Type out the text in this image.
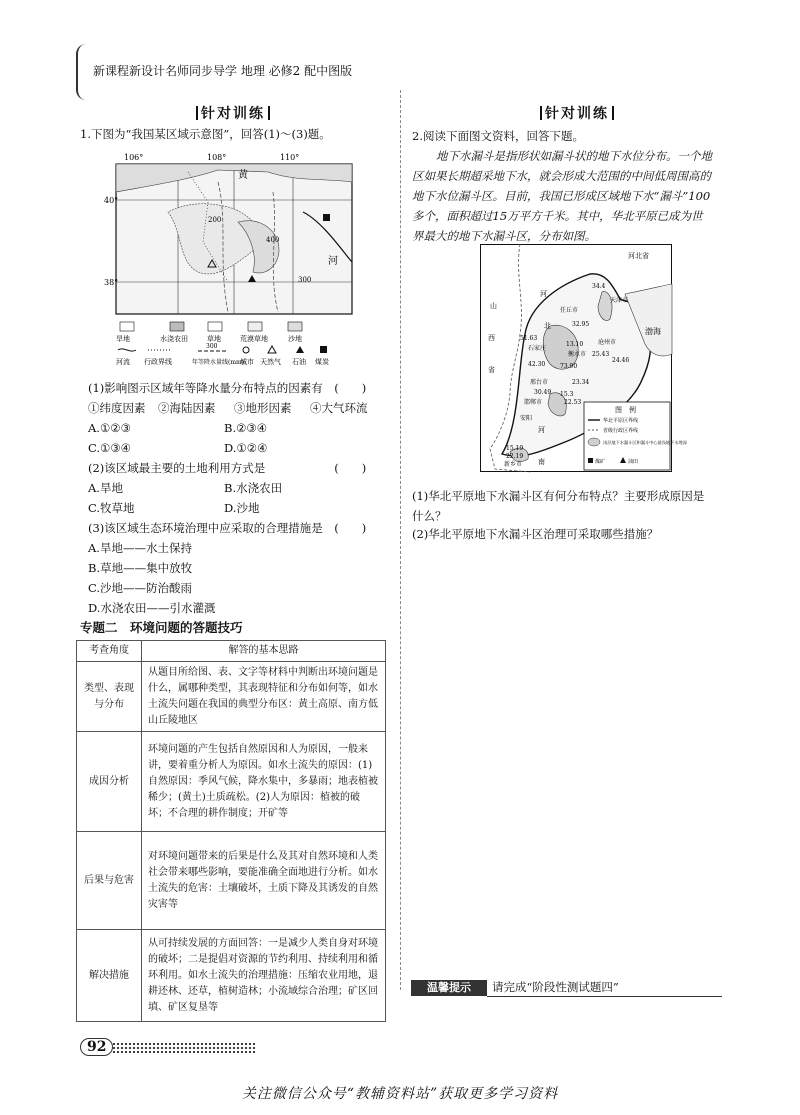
新课程新设计名师同步导学 地理 必修2 配中图版
针对训练
1.下图为“我国某区域示意图”，回答(1)～(3)题。
106°	108°	110°
40°
38°
黄
河
200
400
300
旱地	水浇农田	草地	荒漠草地	沙地
300
河流 行政界线	年等降水量线(mm)
城市 天然气 石油 煤炭
(1)影响图示区域年等降水量分布特点的因素有　(　　)
①纬度因素 ②海陆因素 ③地形因素 ④大气环流
A.①②③	B.②③④
C.①③④	D.①②④
(2)该区域最主要的土地利用方式是　　　　　　(　　)
A.旱地	B.水浇农田
C.牧草地	D.沙地
(3)该区域生态环境治理中应采取的合理措施是　(　　)
A.旱地——水土保持
B.草地——集中放牧
C.沙地——防治酸雨
D.水浇农田——引水灌溉
专题二　环境问题的答题技巧
考查角度	解答的基本思路
类型、表现与分布	从题目所给图、表、文字等材料中判断出环境问题是什么，属哪种类型，其表现特征和分布如何等，如水土流失问题在我国的典型分布区：黄土高原、南方低山丘陵地区
成因分析	环境问题的产生包括自然原因和人为原因，一般来讲，要着重分析人为原因。如水土流失的原因：(1)自然原因：季风气候，降水集中，多暴雨；地表植被稀少；(黄土)土质疏松。(2)人为原因：植被的破坏；不合理的耕作制度；开矿等
后果与危害	对环境问题带来的后果是什么及其对自然环境和人类社会带来哪些影响，要能准确全面地进行分析。如水土流失的危害：土壤破坏，土质下降及其诱发的自然灾害等
解决措施	从可持续发展的方面回答：一是减少人类自身对环境的破坏；二是提倡对资源的节约利用、持续利用和循环利用。如水土流失的治理措施：压缩农业用地，退耕还林、还草，植树造林；小流域综合治理；矿区回填、矿区复垦等
针对训练
2.阅读下面图文资料，回答下题。
地下水漏斗是指形状如漏斗状的地下水位分布。一个地区如果长期超采地下水，就会形成大范围的中间低周围高的地下水位漏斗区。目前，我国已形成区域地下水“漏斗”100多个，面积超过15万平方千米。其中，华北平原已成为世界最大的地下水漏斗区，分布如图。
河北省
山
西
省
河
北
渤海
河
南
天津市
沧州市
衡水市
任丘市
石家庄
邢台市
邯郸市
安阳
新乡市
34.4
32.95
51.63
42.30
13.10
25.43
73.90
24.46
15.3
22.53
30.49
23.34
15.19
22.19
图　例
华北平原区界线
省级行政区界线
浅层地下水漏斗区和漏斗中心最浅地下水埋深
煤矿	油田
(1)华北平原地下水漏斗区有何分布特点？主要形成原因是什么？
(2)华北平原地下水漏斗区治理可采取哪些措施？
温馨提示	请完成“阶段性测试题四”
92
关注微信公众号“教辅资料站”获取更多学习资料
